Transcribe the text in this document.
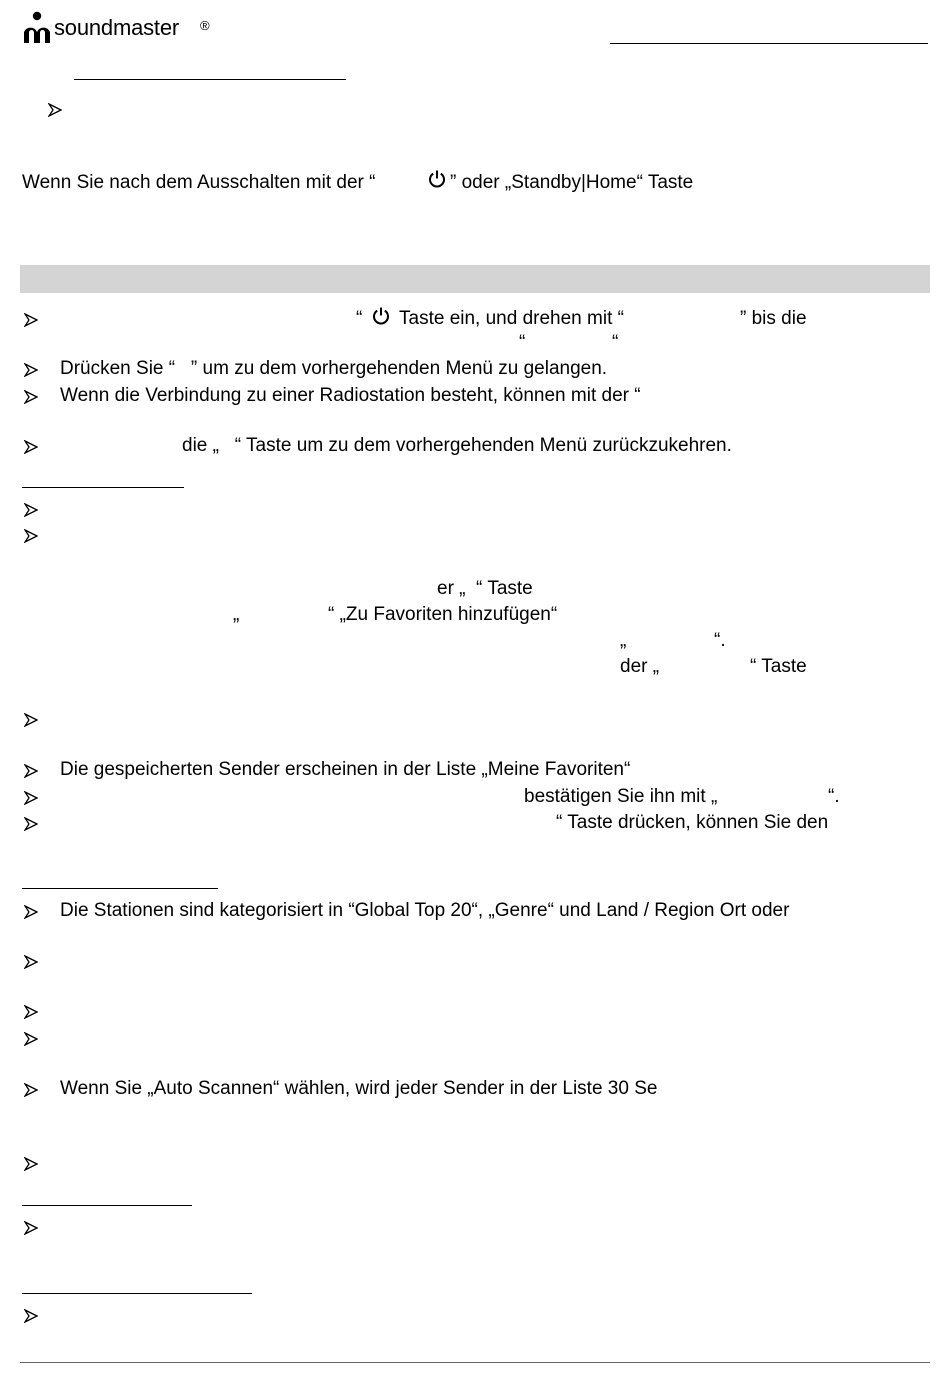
soundmaster ®
Wenn Sie nach dem Ausschalten mit der “	” oder „Standby|Home“ Taste
“ Taste ein, und drehen mit “	” bis die
“	“
Drücken Sie “   ” um zu dem vorhergehenden Menü zu gelangen.
Wenn die Verbindung zu einer Radiostation besteht, können mit der “
die „   “ Taste um zu dem vorhergehenden Menü zurückzukehren.
er „  “ Taste
„	“ „Zu Favoriten hinzufügen“
„	“.
der „	“ Taste
Die gespeicherten Sender erscheinen in der Liste „Meine Favoriten“
bestätigen Sie ihn mit „	“.
“ Taste drücken, können Sie den
Die Stationen sind kategorisiert in “Global Top 20“, „Genre“ und Land / Region Ort oder
Wenn Sie „Auto Scannen“ wählen, wird jeder Sender in der Liste 30 Se
